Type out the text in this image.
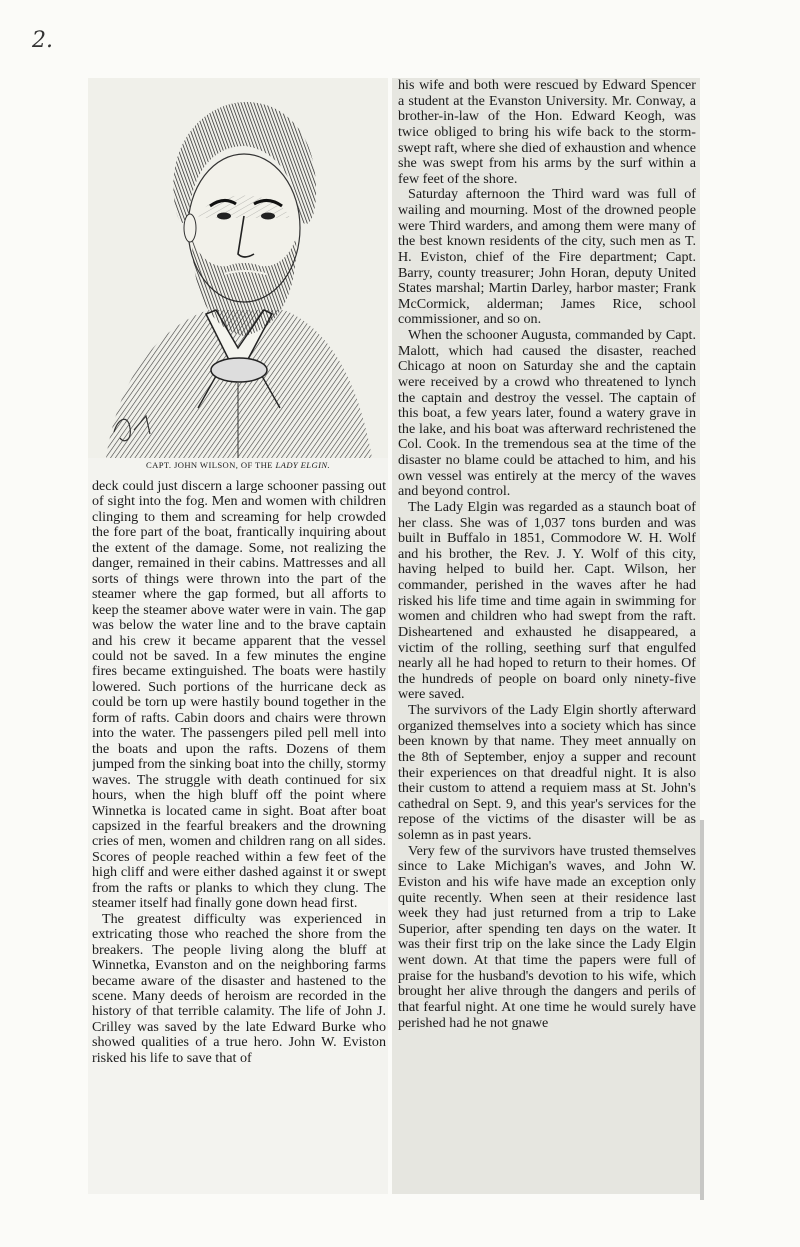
2.
CAPT. JOHN WILSON, OF THE LADY ELGIN.

deck could just discern a large schooner passing out of sight into the fog. Men and women with children clinging to them and screaming for help crowded the fore part of the boat, frantically inquiring about the extent of the damage. Some, not realizing the danger, remained in their cabins. Mattresses and all sorts of things were thrown into the part of the steamer where the gap formed, but all afforts to keep the steamer above water were in vain. The gap was below the water line and to the brave captain and his crew it became apparent that the vessel could not be saved. In a few minutes the engine fires became extinguished. The boats were hastily lowered. Such portions of the hurricane deck as could be torn up were hastily bound together in the form of rafts. Cabin doors and chairs were thrown into the water. The passengers piled pell mell into the boats and upon the rafts. Dozens of them jumped from the sinking boat into the chilly, stormy waves. The struggle with death continued for six hours, when the high bluff off the point where Winnetka is located came in sight. Boat after boat capsized in the fearful breakers and the drowning cries of men, women and children rang on all sides. Scores of people reached within a few feet of the high cliff and were either dashed against it or swept from the rafts or planks to which they clung. The steamer itself had finally gone down head first.

The greatest difficulty was experienced in extricating those who reached the shore from the breakers. The people living along the bluff at Winnetka, Evanston and on the neighboring farms became aware of the disaster and hastened to the scene. Many deeds of heroism are recorded in the history of that terrible calamity. The life of John J. Crilley was saved by the late Edward Burke who showed qualities of a true hero. John W. Eviston risked his life to save that of

his wife and both were rescued by Edward Spencer a student at the Evanston University. Mr. Conway, a brother-in-law of the Hon. Edward Keogh, was twice obliged to bring his wife back to the storm-swept raft, where she died of exhaustion and whence she was swept from his arms by the surf within a few feet of the shore.

Saturday afternoon the Third ward was full of wailing and mourning. Most of the drowned people were Third warders, and among them were many of the best known residents of the city, such men as T. H. Eviston, chief of the Fire department; Capt. Barry, county treasurer; John Horan, deputy United States marshal; Martin Darley, harbor master; Frank McCormick, alderman; James Rice, school commissioner, and so on.

When the schooner Augusta, commanded by Capt. Malott, which had caused the disaster, reached Chicago at noon on Saturday she and the captain were received by a crowd who threatened to lynch the captain and destroy the vessel. The captain of this boat, a few years later, found a watery grave in the lake, and his boat was afterward rechristened the Col. Cook. In the tremendous sea at the time of the disaster no blame could be attached to him, and his own vessel was entirely at the mercy of the waves and beyond control.

The Lady Elgin was regarded as a staunch boat of her class. She was of 1,037 tons burden and was built in Buffalo in 1851, Commodore W. H. Wolf and his brother, the Rev. J. Y. Wolf of this city, having helped to build her. Capt. Wilson, her commander, perished in the waves after he had risked his life time and time again in swimming for women and children who had swept from the raft. Disheartened and exhausted he disappeared, a victim of the rolling, seething surf that engulfed nearly all he had hoped to return to their homes. Of the hundreds of people on board only ninety-five were saved.

The survivors of the Lady Elgin shortly afterward organized themselves into a society which has since been known by that name. They meet annually on the 8th of September, enjoy a supper and recount their experiences on that dreadful night. It is also their custom to attend a requiem mass at St. John's cathedral on Sept. 9, and this year's services for the repose of the victims of the disaster will be as solemn as in past years.

Very few of the survivors have trusted themselves since to Lake Michigan's waves, and John W. Eviston and his wife have made an exception only quite recently. When seen at their residence last week they had just returned from a trip to Lake Superior, after spending ten days on the water. It was their first trip on the lake since the Lady Elgin went down. At that time the papers were full of praise for the husband's devotion to his wife, which brought her alive through the dangers and perils of that fearful night. At one time he would surely have perished had he not gnawe
